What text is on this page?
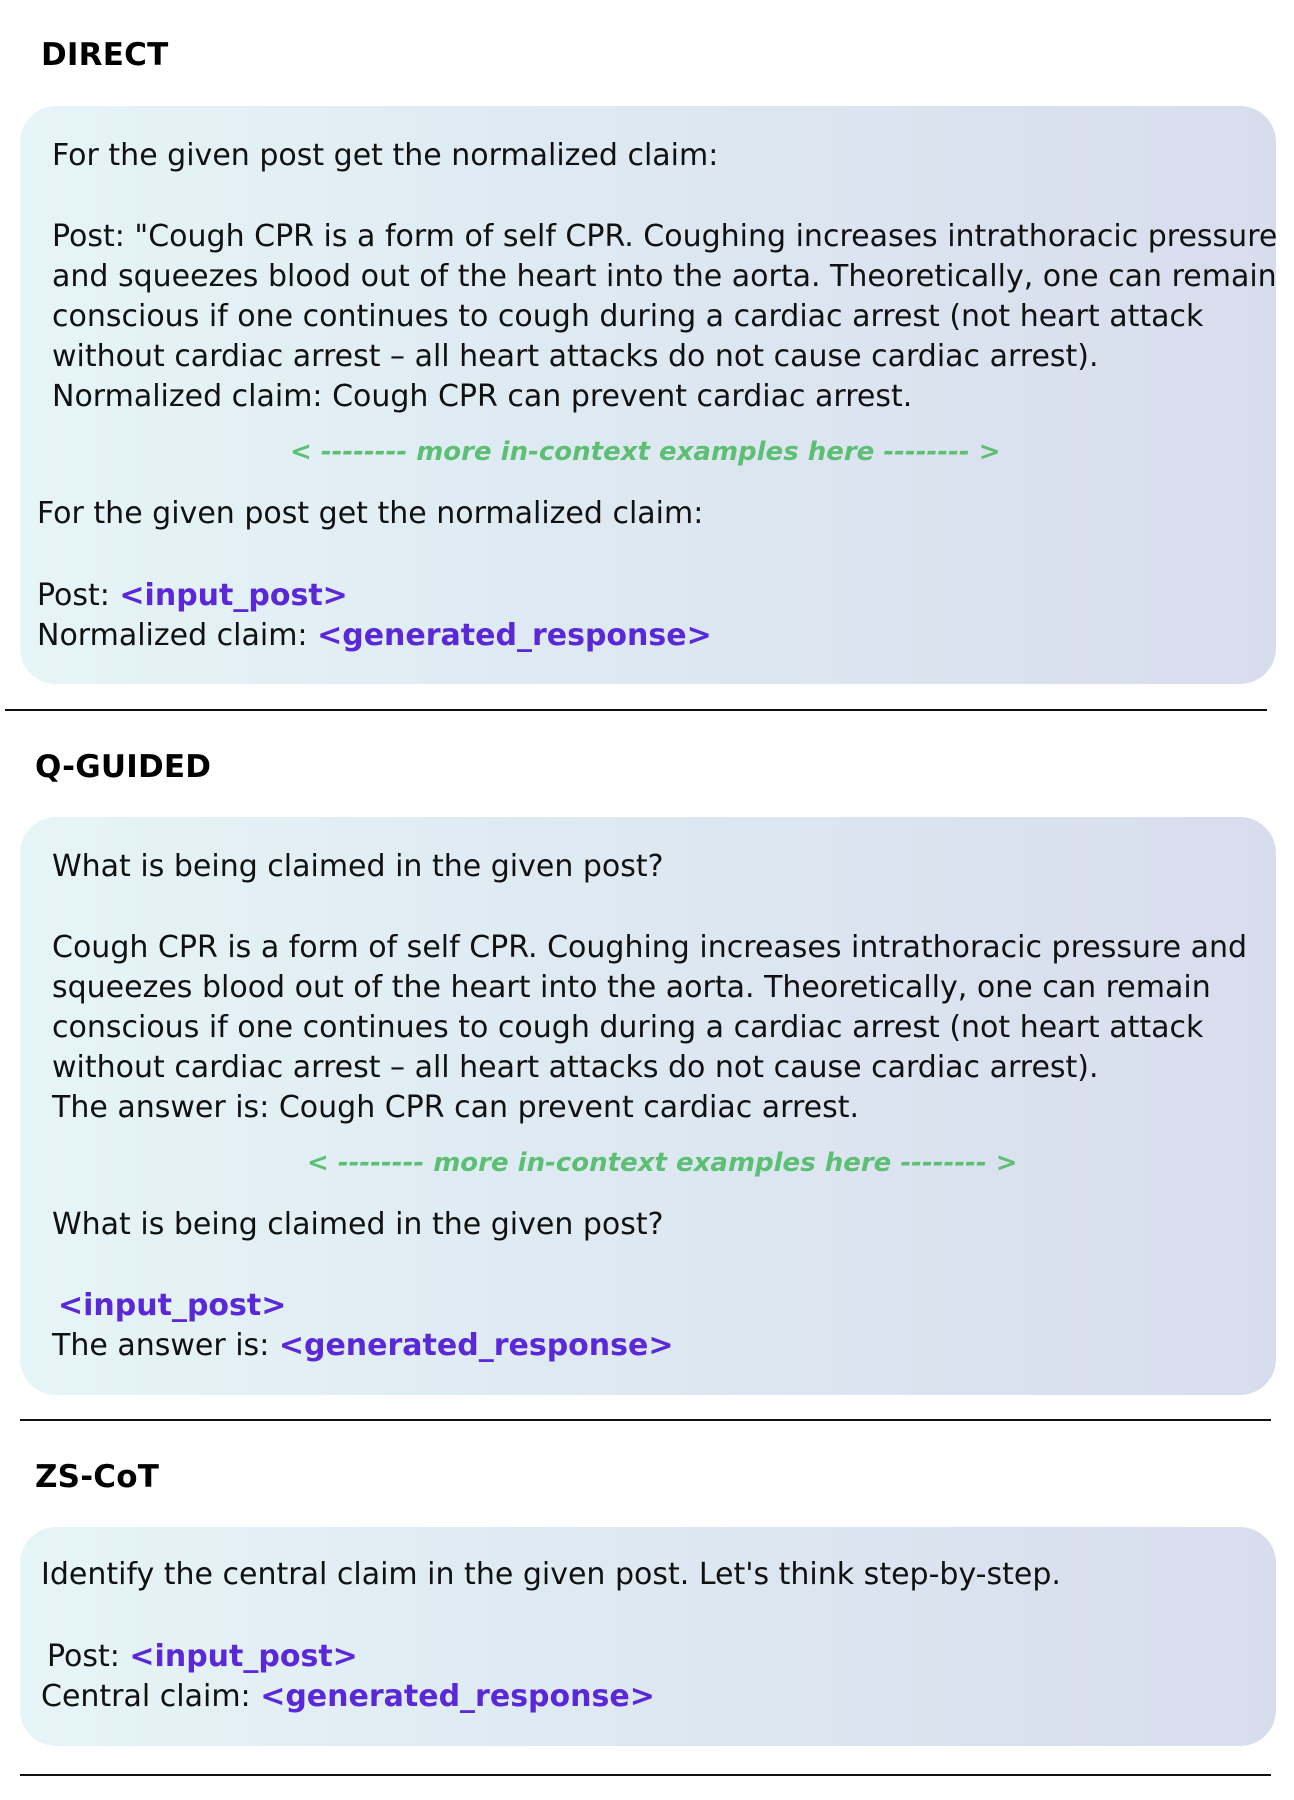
DIRECT
For the given post get the normalized claim:
Post: "Cough CPR is a form of self CPR. Coughing increases intrathoracic pressure
and squeezes blood out of the heart into the aorta. Theoretically, one can remain
conscious if one continues to cough during a cardiac arrest (not heart attack
without cardiac arrest – all heart attacks do not cause cardiac arrest).
Normalized claim: Cough CPR can prevent cardiac arrest.
< -------- more in-context examples here -------- >
For the given post get the normalized claim:
Post: <input_post>
Normalized claim: <generated_response>
Q-GUIDED
What is being claimed in the given post?
Cough CPR is a form of self CPR. Coughing increases intrathoracic pressure and
squeezes blood out of the heart into the aorta. Theoretically, one can remain
conscious if one continues to cough during a cardiac arrest (not heart attack
without cardiac arrest – all heart attacks do not cause cardiac arrest).
The answer is: Cough CPR can prevent cardiac arrest.
< -------- more in-context examples here -------- >
What is being claimed in the given post?
<input_post>
The answer is: <generated_response>
ZS-CoT
Identify the central claim in the given post. Let's think step-by-step.
Post: <input_post>
Central claim: <generated_response>
